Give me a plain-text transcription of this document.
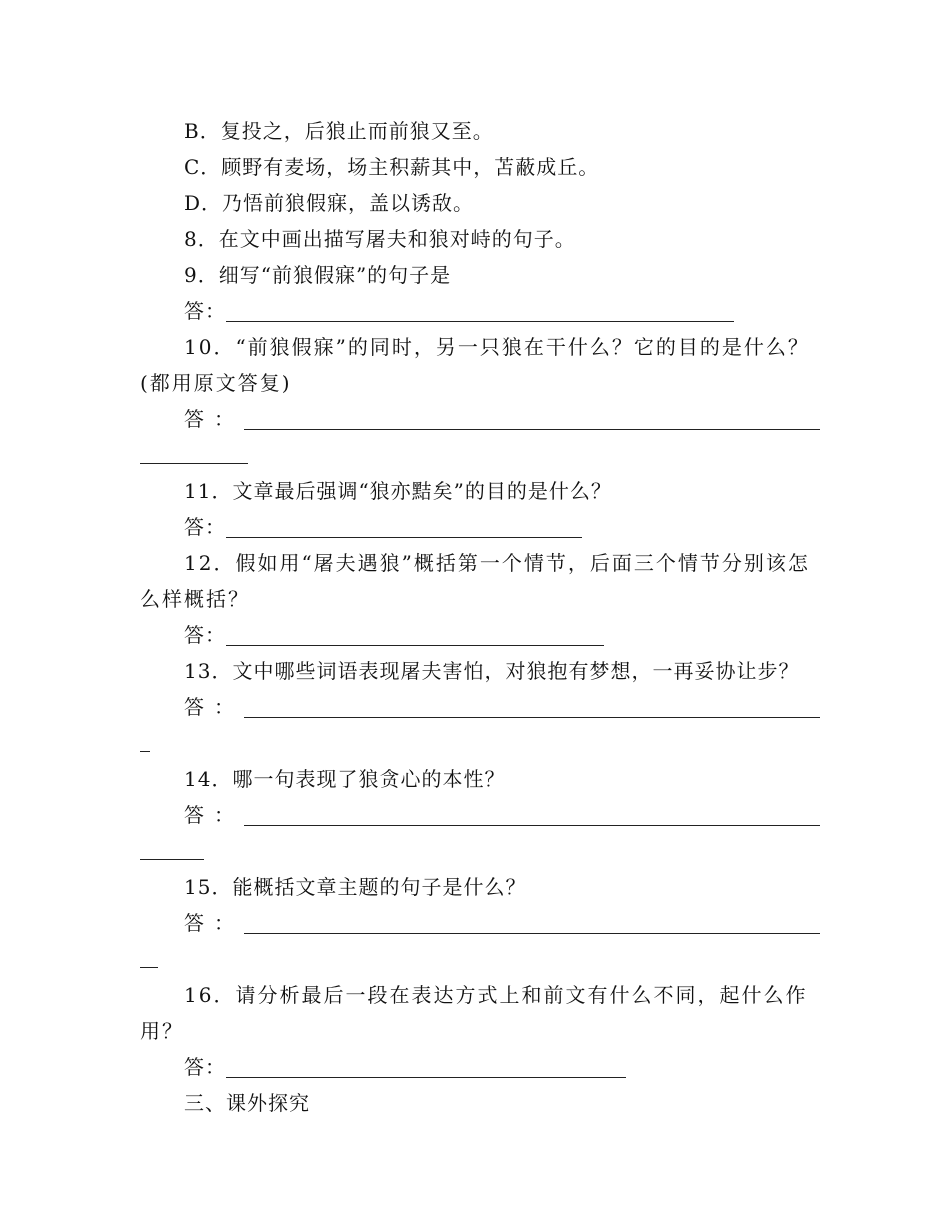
B．复投之，后狼止而前狼又至。
C．顾野有麦场，场主积薪其中，苫蔽成丘。
D．乃悟前狼假寐，盖以诱敌。
8．在文中画出描写屠夫和狼对峙的句子。
9．细写“前狼假寐”的句子是
答：
10．“前狼假寐”的同时，另一只狼在干什么？它的目的是什么？(都用原文答复)
答：
11．文章最后强调“狼亦黠矣”的目的是什么？
答：
12．假如用“屠夫遇狼”概括第一个情节，后面三个情节分别该怎么样概括？
答：
13．文中哪些词语表现屠夫害怕，对狼抱有梦想，一再妥协让步？
答：
14．哪一句表现了狼贪心的本性？
答：
15．能概括文章主题的句子是什么？
答：
16．请分析最后一段在表达方式上和前文有什么不同，起什么作用？
答：
三、课外探究
